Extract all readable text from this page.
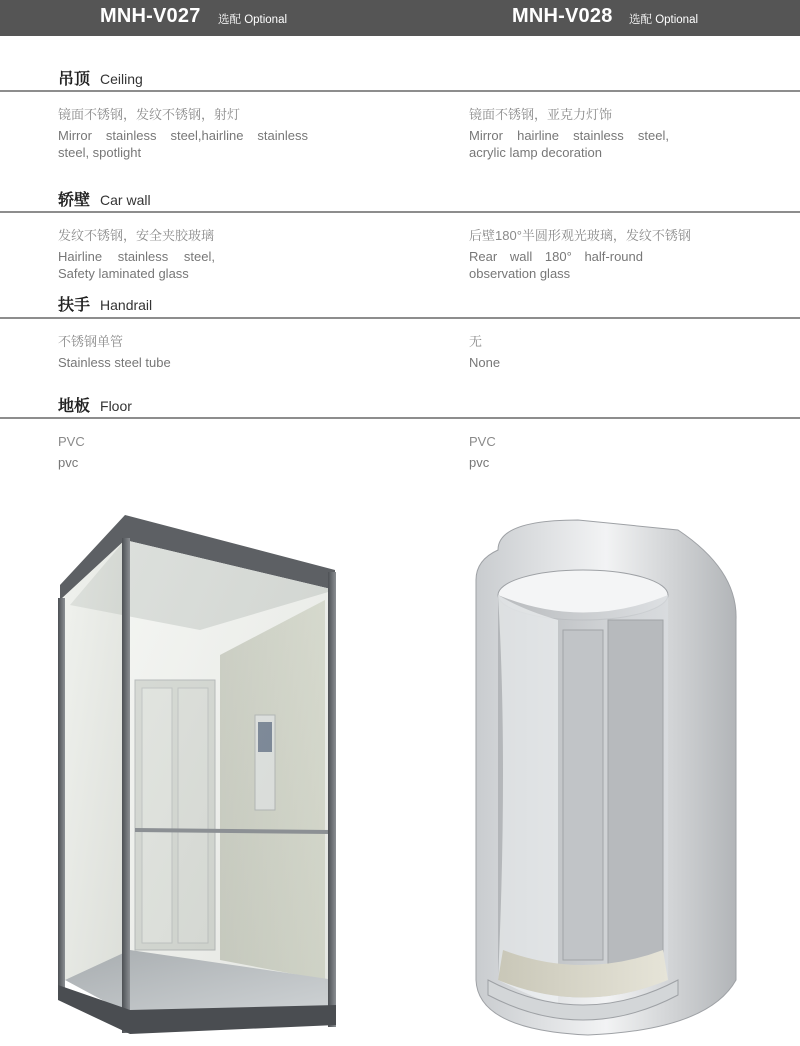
MNH-V027 选配 Optional	MNH-V028 选配 Optional
吊顶 Ceiling
镜面不锈钢，发纹不锈钢，射灯
Mirror stainless steel,hairline stainless steel, spotlight
镜面不锈钢，亚克力灯饰
Mirror hairline stainless steel, acrylic lamp decoration
轿壁 Car wall
发纹不锈钢，安全夹胶玻璃
Hairline stainless steel, Safety laminated glass
后壁180°半圆形观光玻璃，发纹不锈钢
Rear wall 180° half-round observation glass
扶手 Handrail
不锈钢单管
Stainless steel tube
无
None
地板 Floor
PVC
pvc
PVC
pvc
